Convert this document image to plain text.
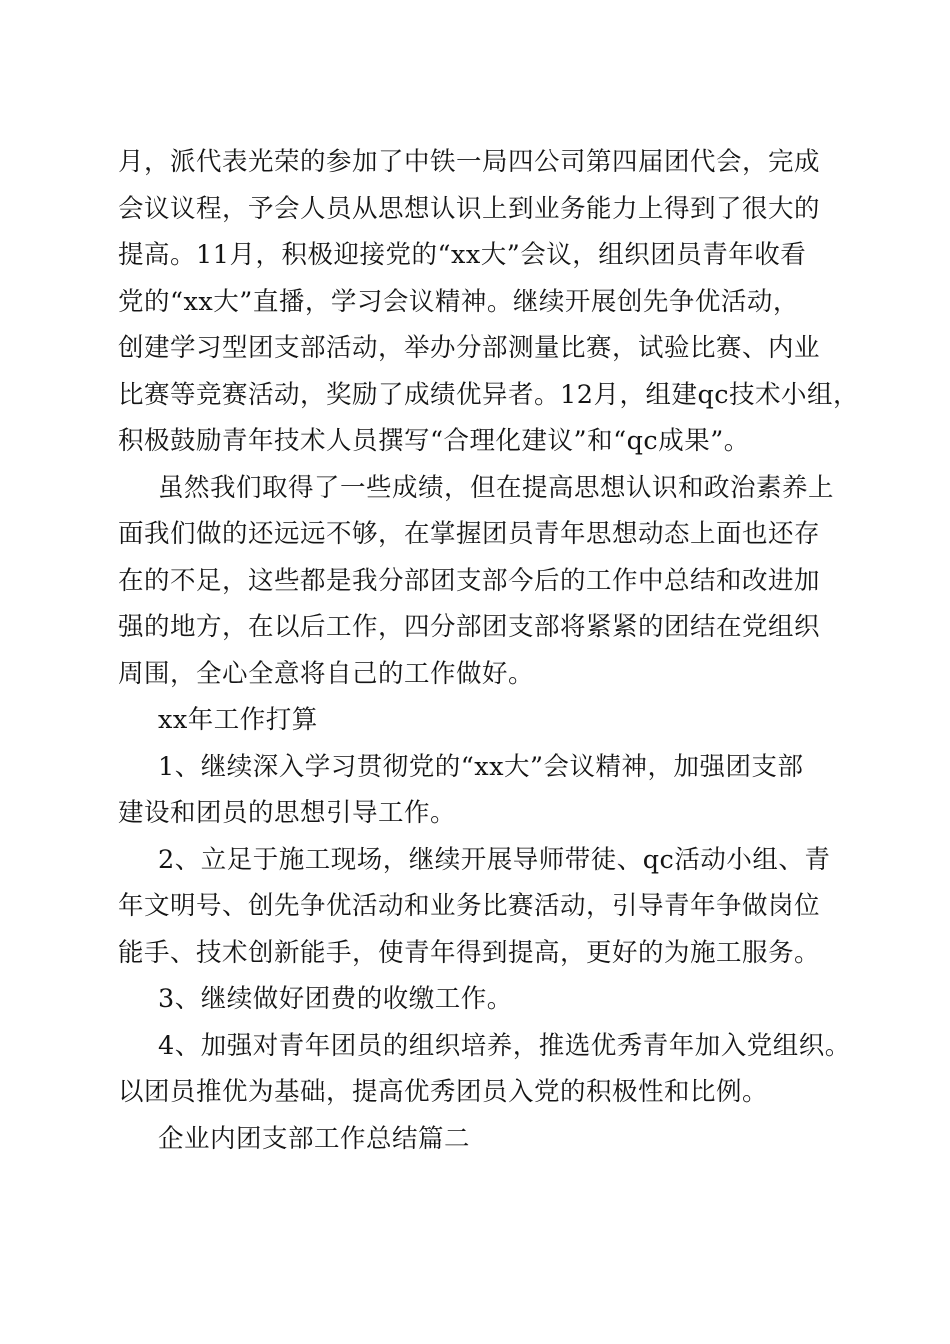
月，派代表光荣的参加了中铁一局四公司第四届团代会，完成
会议议程，予会人员从思想认识上到业务能力上得到了很大的
提高。11月，积极迎接党的“xx大”会议，组织团员青年收看
党的“xx大”直播，学习会议精神。继续开展创先争优活动，
创建学习型团支部活动，举办分部测量比赛，试验比赛、内业
比赛等竞赛活动，奖励了成绩优异者。12月，组建qc技术小组，
积极鼓励青年技术人员撰写“合理化建议”和“qc成果”。
虽然我们取得了一些成绩，但在提高思想认识和政治素养上
面我们做的还远远不够，在掌握团员青年思想动态上面也还存
在的不足，这些都是我分部团支部今后的工作中总结和改进加
强的地方，在以后工作，四分部团支部将紧紧的团结在党组织
周围，全心全意将自己的工作做好。
xx年工作打算
1、继续深入学习贯彻党的“xx大”会议精神，加强团支部
建设和团员的思想引导工作。
2、立足于施工现场，继续开展导师带徒、qc活动小组、青
年文明号、创先争优活动和业务比赛活动，引导青年争做岗位
能手、技术创新能手，使青年得到提高，更好的为施工服务。
3、继续做好团费的收缴工作。
4、加强对青年团员的组织培养，推选优秀青年加入党组织。
以团员推优为基础，提高优秀团员入党的积极性和比例。
企业内团支部工作总结篇二
